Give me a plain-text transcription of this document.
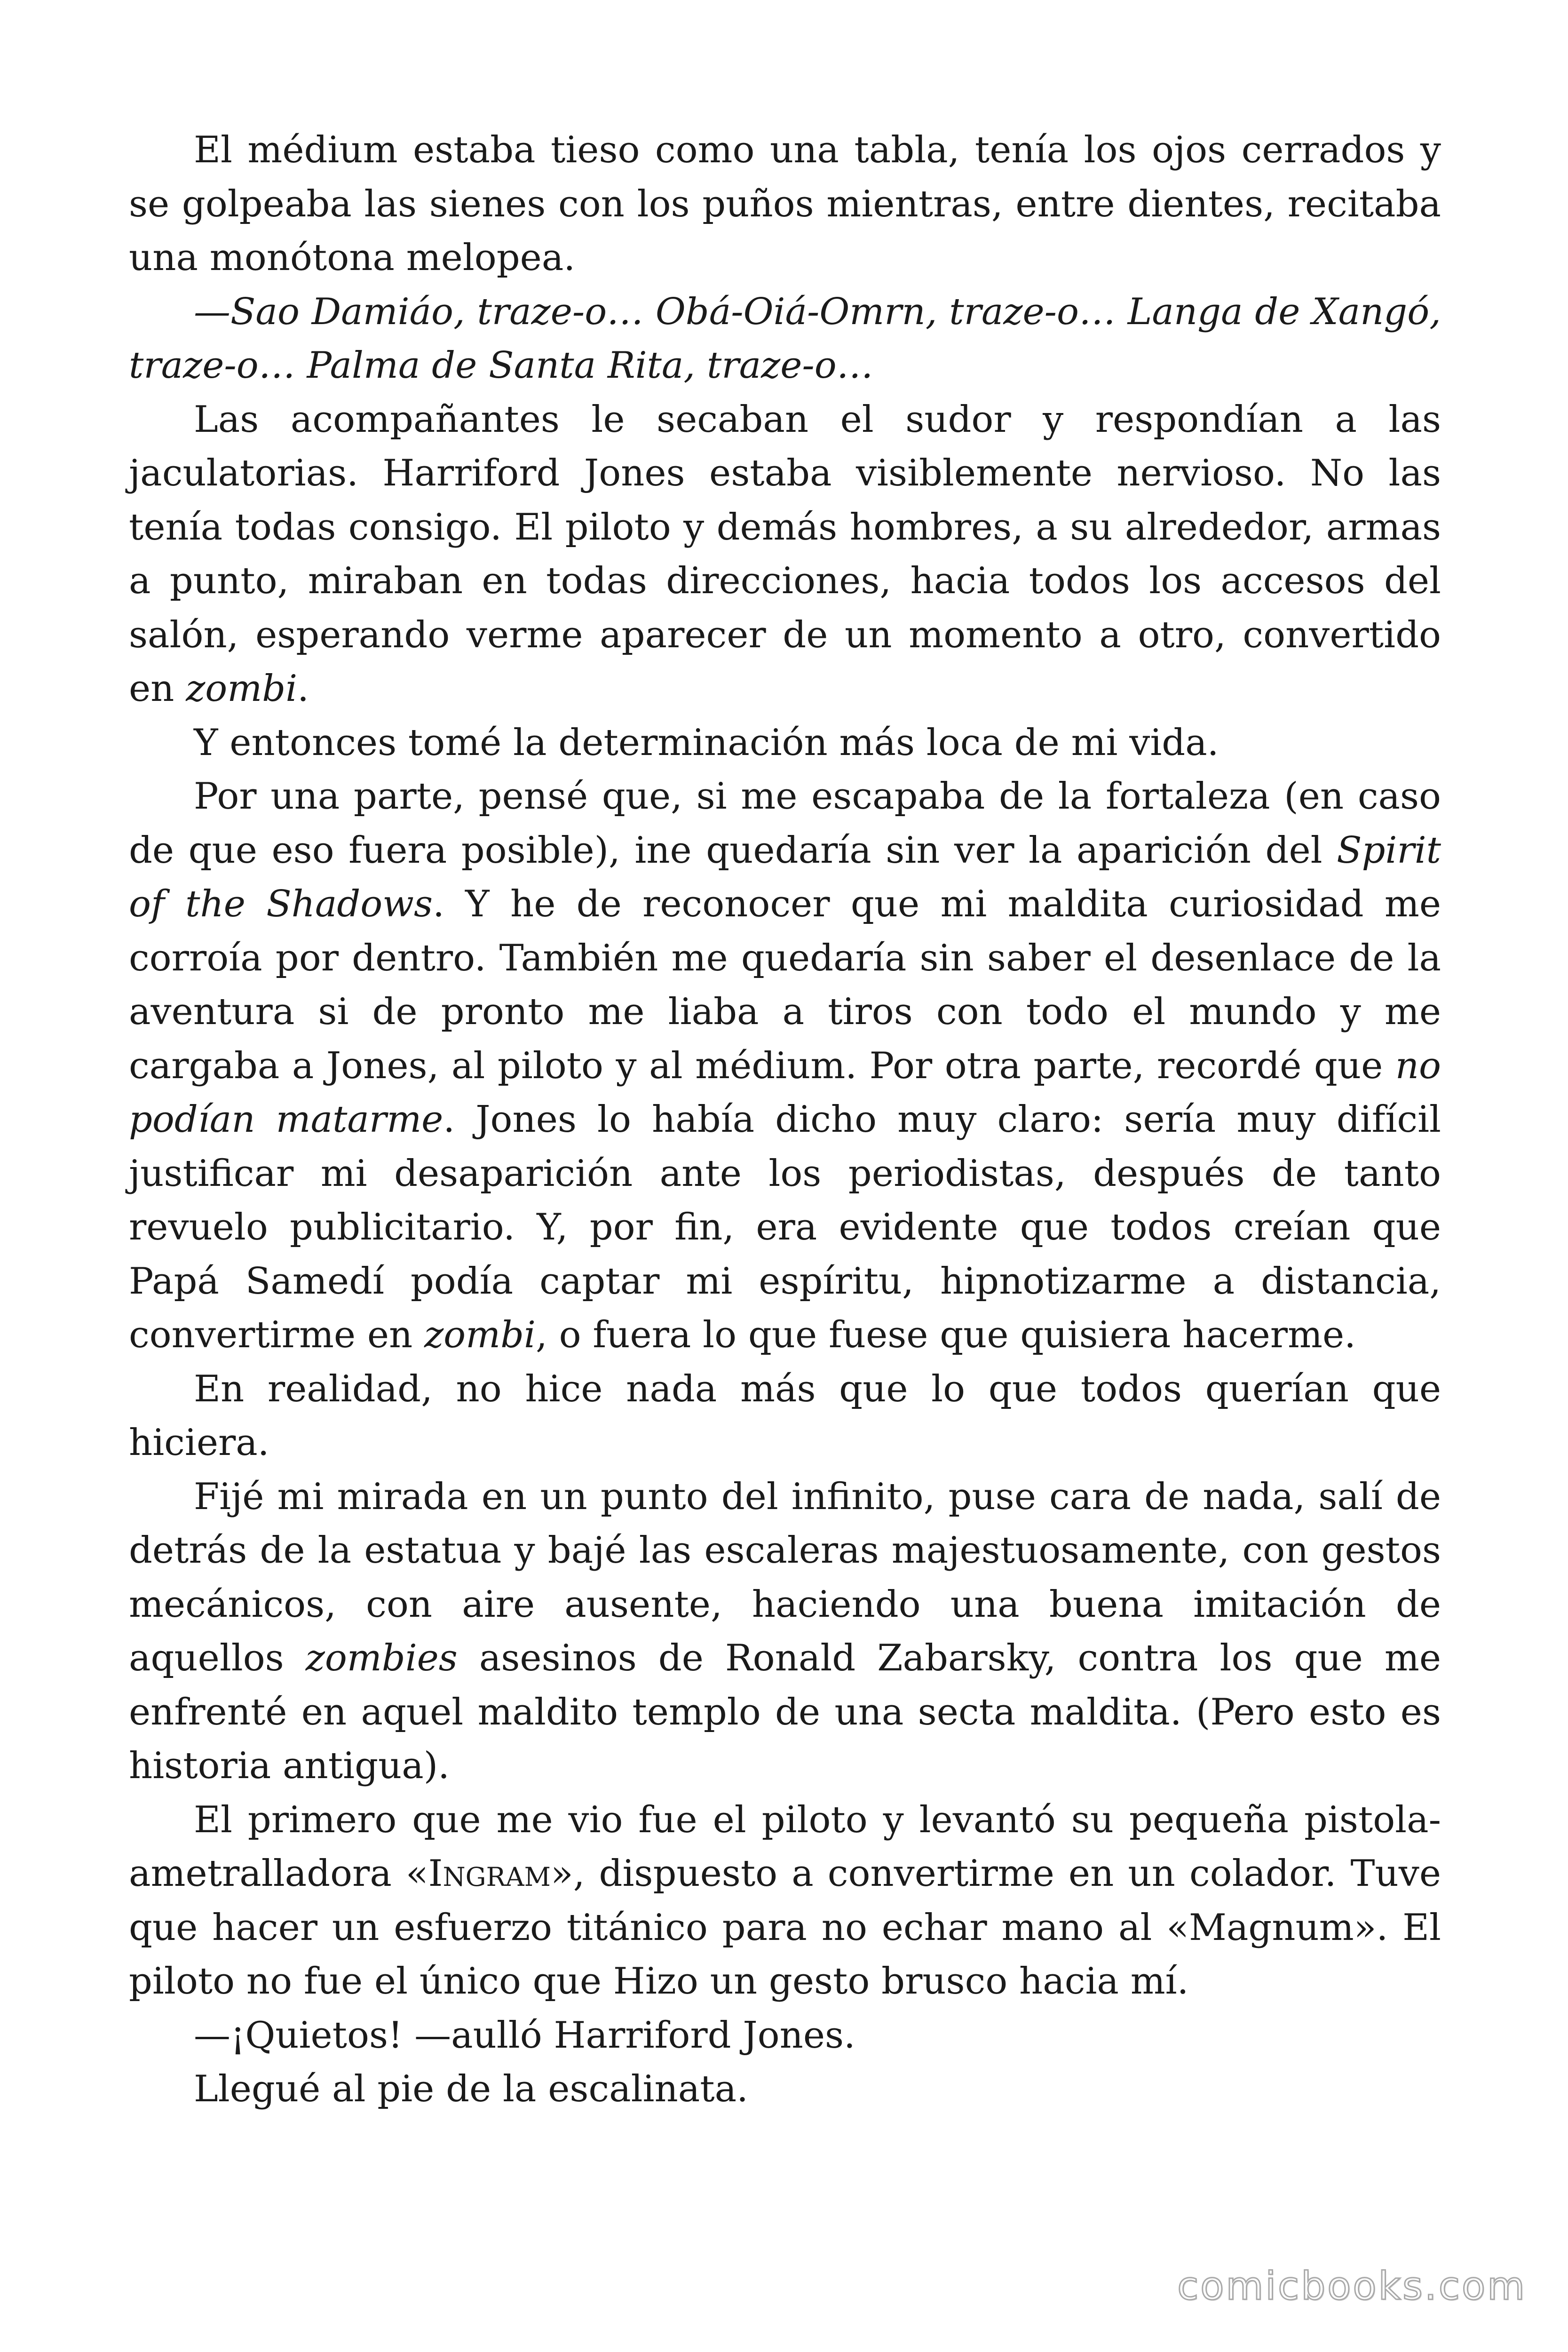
El médium estaba tieso como una tabla, tenía los ojos cerrados y se golpeaba las sienes con los puños mientras, entre dientes, recitaba una monótona melopea.

—Sao Damiáo, traze-o… Obá-Oiá-Omrn, traze-o… Langa de Xangó, traze-o… Palma de Santa Rita, traze-o…

Las acompañantes le secaban el sudor y respondían a las jaculatorias. Harriford Jones estaba visiblemente nervioso. No las tenía todas consigo. El piloto y demás hombres, a su alrededor, armas a punto, miraban en todas direcciones, hacia todos los accesos del salón, esperando verme aparecer de un momento a otro, convertido en zombi.

Y entonces tomé la determinación más loca de mi vida.

Por una parte, pensé que, si me escapaba de la fortaleza (en caso de que eso fuera posible), ine quedaría sin ver la aparición del Spirit of the Shadows. Y he de reconocer que mi maldita curiosidad me corroía por dentro. También me quedaría sin saber el desenlace de la aventura si de pronto me liaba a tiros con todo el mundo y me cargaba a Jones, al piloto y al médium. Por otra parte, recordé que no podían matarme. Jones lo había dicho muy claro: sería muy difícil justificar mi desaparición ante los periodistas, después de tanto revuelo publicitario. Y, por fin, era evidente que todos creían que Papá Samedí podía captar mi espíritu, hipnotizarme a distancia, convertirme en zombi, o fuera lo que fuese que quisiera hacerme.

En realidad, no hice nada más que lo que todos querían que hiciera.

Fijé mi mirada en un punto del infinito, puse cara de nada, salí de detrás de la estatua y bajé las escaleras majestuosamente, con gestos mecánicos, con aire ausente, haciendo una buena imitación de aquellos zombies asesinos de Ronald Zabarsky, contra los que me enfrenté en aquel maldito templo de una secta maldita. (Pero esto es historia antigua).

El primero que me vio fue el piloto y levantó su pequeña pistola-ametralladora «Ingram», dispuesto a convertirme en un colador. Tuve que hacer un esfuerzo titánico para no echar mano al «Magnum». El piloto no fue el único que Hizo un gesto brusco hacia mí.

—¡Quietos! —aulló Harriford Jones.

Llegué al pie de la escalinata.

comicbooks.com
